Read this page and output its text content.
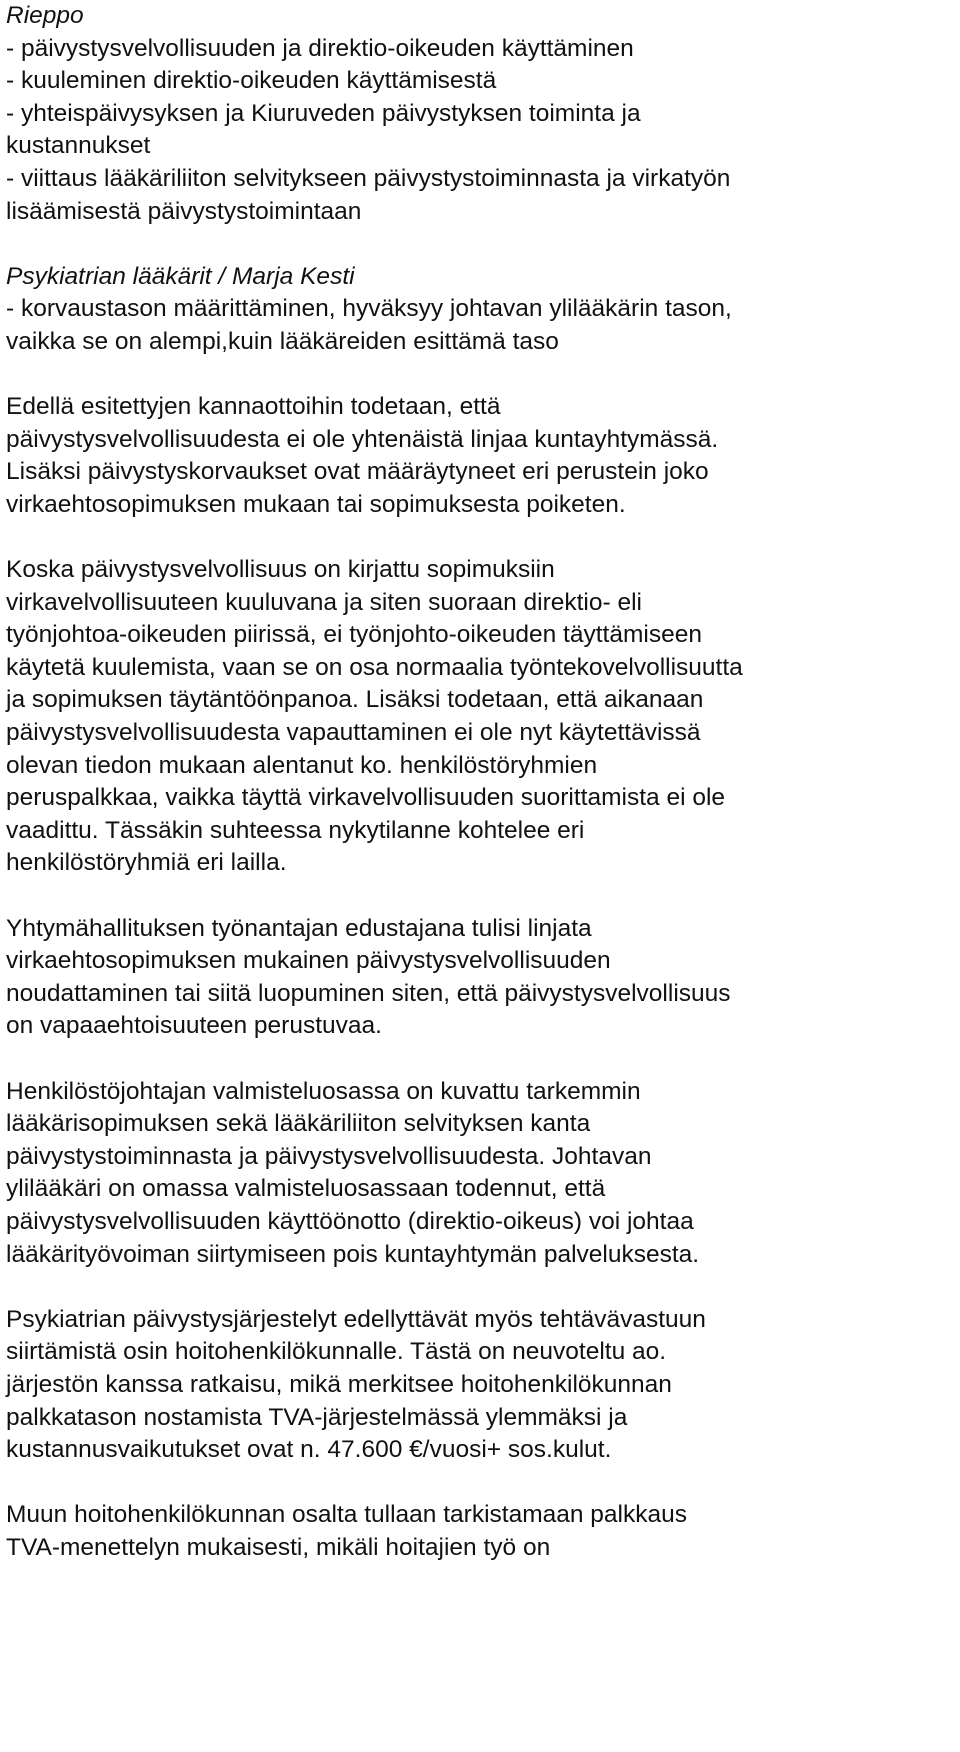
Rieppo
- päivystysvelvollisuuden ja direktio-oikeuden käyttäminen
- kuuleminen direktio-oikeuden käyttämisestä
- yhteispäivysyksen ja Kiuruveden päivystyksen toiminta ja
kustannukset
- viittaus lääkäriliiton selvitykseen päivystystoiminnasta ja virkatyön
lisäämisestä päivystystoimintaan
Psykiatrian lääkärit / Marja Kesti
- korvaustason määrittäminen, hyväksyy johtavan ylilääkärin tason,
vaikka se on alempi,kuin lääkäreiden esittämä taso
Edellä esitettyjen kannaottoihin todetaan, että
päivystysvelvollisuudesta ei ole yhtenäistä linjaa kuntayhtymässä.
Lisäksi päivystyskorvaukset ovat määräytyneet eri perustein joko
virkaehtosopimuksen mukaan tai sopimuksesta poiketen.
Koska päivystysvelvollisuus on kirjattu sopimuksiin
virkavelvollisuuteen kuuluvana ja siten suoraan direktio- eli
työnjohtoa-oikeuden piirissä, ei työnjohto-oikeuden täyttämiseen
käytetä kuulemista, vaan se on osa normaalia työntekovelvollisuutta
ja sopimuksen täytäntöönpanoa. Lisäksi todetaan, että aikanaan
päivystysvelvollisuudesta vapauttaminen ei ole nyt käytettävissä
olevan tiedon mukaan alentanut ko. henkilöstöryhmien
peruspalkkaa, vaikka täyttä virkavelvollisuuden suorittamista ei ole
vaadittu. Tässäkin suhteessa nykytilanne kohtelee eri
henkilöstöryhmiä eri lailla.
Yhtymähallituksen työnantajan edustajana tulisi linjata
virkaehtosopimuksen mukainen päivystysvelvollisuuden
noudattaminen tai siitä luopuminen siten, että päivystysvelvollisuus
on vapaaehtoisuuteen perustuvaa.
Henkilöstöjohtajan valmisteluosassa on kuvattu tarkemmin
lääkärisopimuksen sekä lääkäriliiton selvityksen kanta
päivystystoiminnasta ja päivystysvelvollisuudesta. Johtavan
ylilääkäri on omassa valmisteluosassaan todennut, että
päivystysvelvollisuuden käyttöönotto (direktio-oikeus) voi johtaa
lääkärityövoiman siirtymiseen pois kuntayhtymän palveluksesta.
Psykiatrian päivystysjärjestelyt edellyttävät myös tehtävävastuun
siirtämistä osin hoitohenkilökunnalle. Tästä on neuvoteltu ao.
järjestön kanssa ratkaisu, mikä merkitsee hoitohenkilökunnan
palkkatason nostamista TVA-järjestelmässä ylemmäksi ja
kustannusvaikutukset ovat n. 47.600 €/vuosi+ sos.kulut.
Muun hoitohenkilökunnan osalta tullaan tarkistamaan palkkaus
TVA-menettelyn mukaisesti, mikäli hoitajien työ on
